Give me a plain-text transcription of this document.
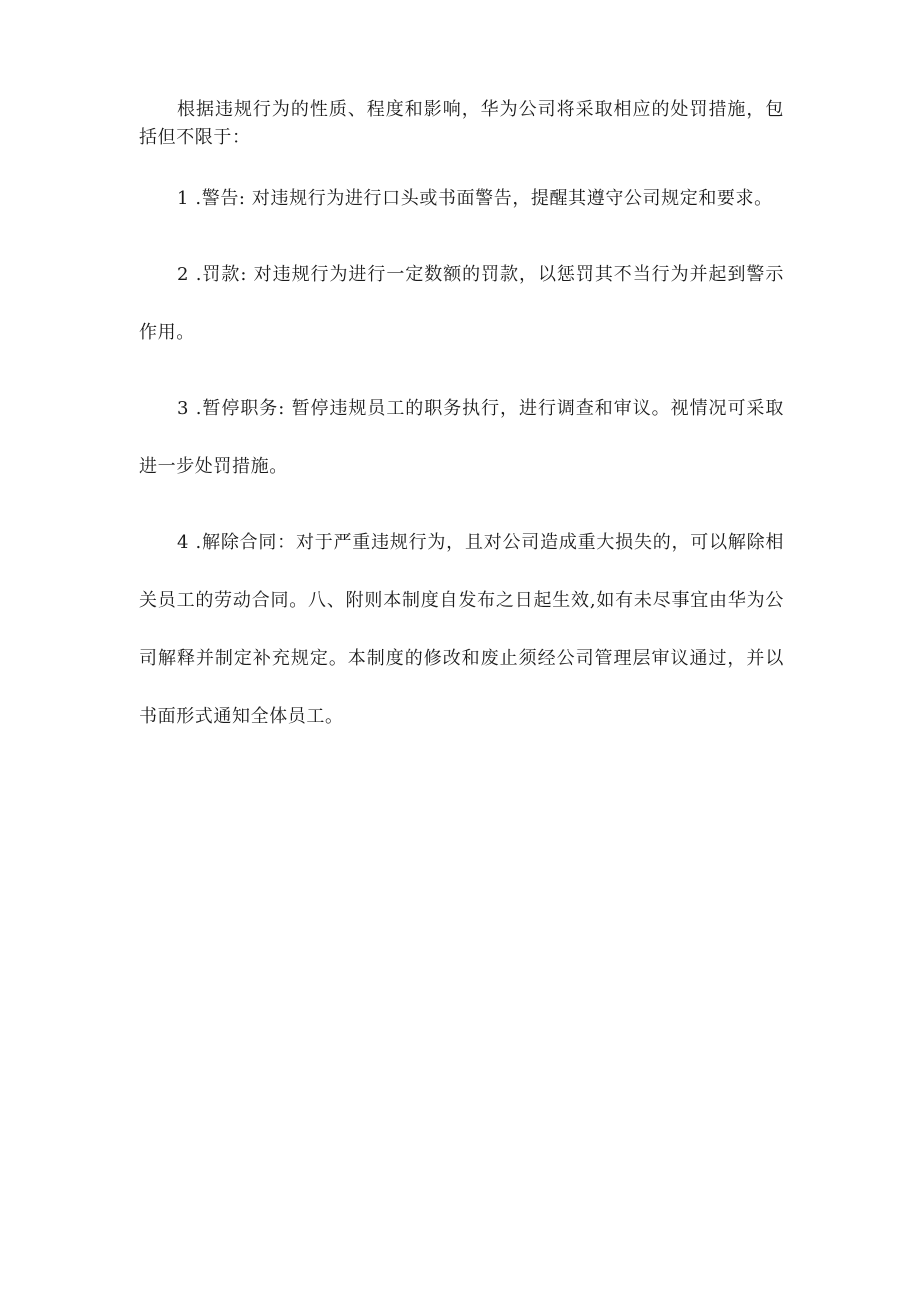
根据违规行为的性质、程度和影响，华为公司将采取相应的处罚措施，包括但不限于：

1 .警告: 对违规行为进行口头或书面警告，提醒其遵守公司规定和要求。

2 .罚款: 对违规行为进行一定数额的罚款，以惩罚其不当行为并起到警示作用。

3 .暂停职务: 暂停违规员工的职务执行，进行调查和审议。视情况可采取进一步处罚措施。

4 .解除合同：对于严重违规行为，且对公司造成重大损失的，可以解除相关员工的劳动合同。八、附则本制度自发布之日起生效,如有未尽事宜由华为公司解释并制定补充规定。本制度的修改和废止须经公司管理层审议通过，并以书面形式通知全体员工。
